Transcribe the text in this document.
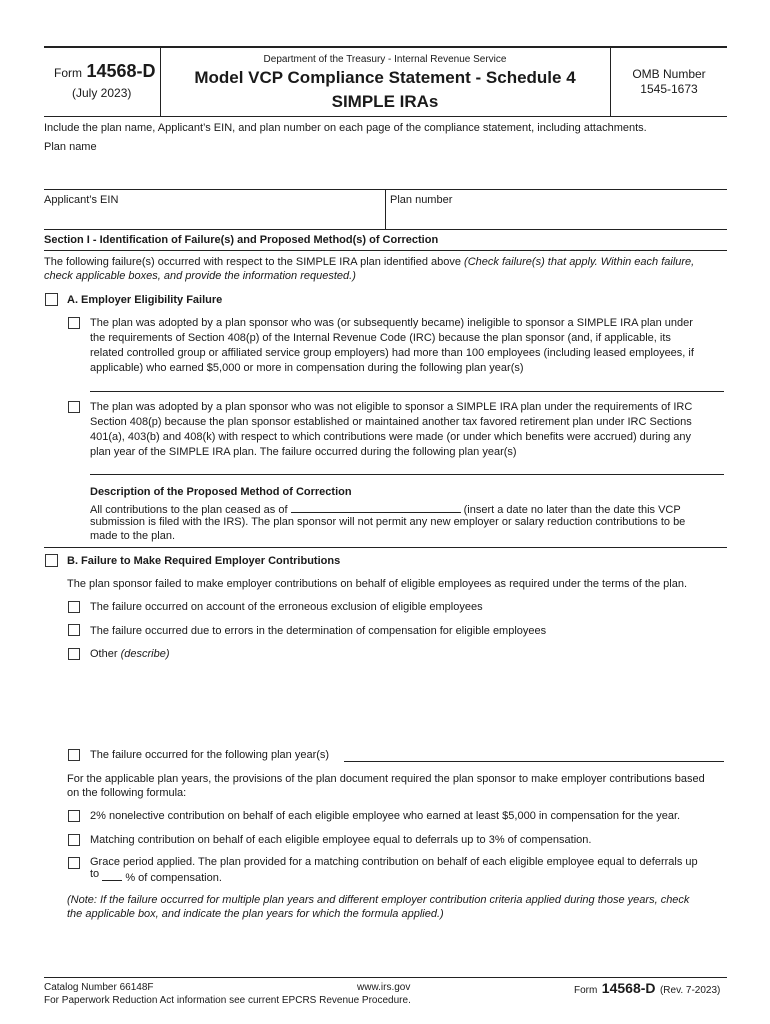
Form 14568-D
(July 2023)
Department of the Treasury - Internal Revenue Service
Model VCP Compliance Statement - Schedule 4
SIMPLE IRAs
OMB Number
1545-1673
Include the plan name, Applicant’s EIN, and plan number on each page of the compliance statement, including attachments.
Plan name
Applicant’s EIN	Plan number
Section I - Identification of Failure(s) and Proposed Method(s) of Correction
The following failure(s) occurred with respect to the SIMPLE IRA plan identified above (Check failure(s) that apply. Within each failure,
check applicable boxes, and provide the information requested.)
A. Employer Eligibility Failure
The plan was adopted by a plan sponsor who was (or subsequently became) ineligible to sponsor a SIMPLE IRA plan under
the requirements of Section 408(p) of the Internal Revenue Code (IRC) because the plan sponsor (and, if applicable, its
related controlled group or affiliated service group employers) had more than 100 employees (including leased employees, if
applicable) who earned $5,000 or more in compensation during the following plan year(s)
The plan was adopted by a plan sponsor who was not eligible to sponsor a SIMPLE IRA plan under the requirements of IRC
Section 408(p) because the plan sponsor established or maintained another tax favored retirement plan under IRC Sections
401(a), 403(b) and 408(k) with respect to which contributions were made (or under which benefits were accrued) during any
plan year of the SIMPLE IRA plan. The failure occurred during the following plan year(s)
Description of the Proposed Method of Correction
All contributions to the plan ceased as of	(insert a date no later than the date this VCP
submission is filed with the IRS). The plan sponsor will not permit any new employer or salary reduction contributions to be
made to the plan.
B. Failure to Make Required Employer Contributions
The plan sponsor failed to make employer contributions on behalf of eligible employees as required under the terms of the plan.
The failure occurred on account of the erroneous exclusion of eligible employees
The failure occurred due to errors in the determination of compensation for eligible employees
Other (describe)
The failure occurred for the following plan year(s)
For the applicable plan years, the provisions of the plan document required the plan sponsor to make employer contributions based
on the following formula:
2% nonelective contribution on behalf of each eligible employee who earned at least $5,000 in compensation for the year.
Matching contribution on behalf of each eligible employee equal to deferrals up to 3% of compensation.
Grace period applied. The plan provided for a matching contribution on behalf of each eligible employee equal to deferrals up
to % of compensation.
(Note: If the failure occurred for multiple plan years and different employer contribution criteria applied during those years, check
the applicable box, and indicate the plan years for which the formula applied.)
Catalog Number 66148F	www.irs.gov	Form 14568-D (Rev. 7-2023)
For Paperwork Reduction Act information see current EPCRS Revenue Procedure.
